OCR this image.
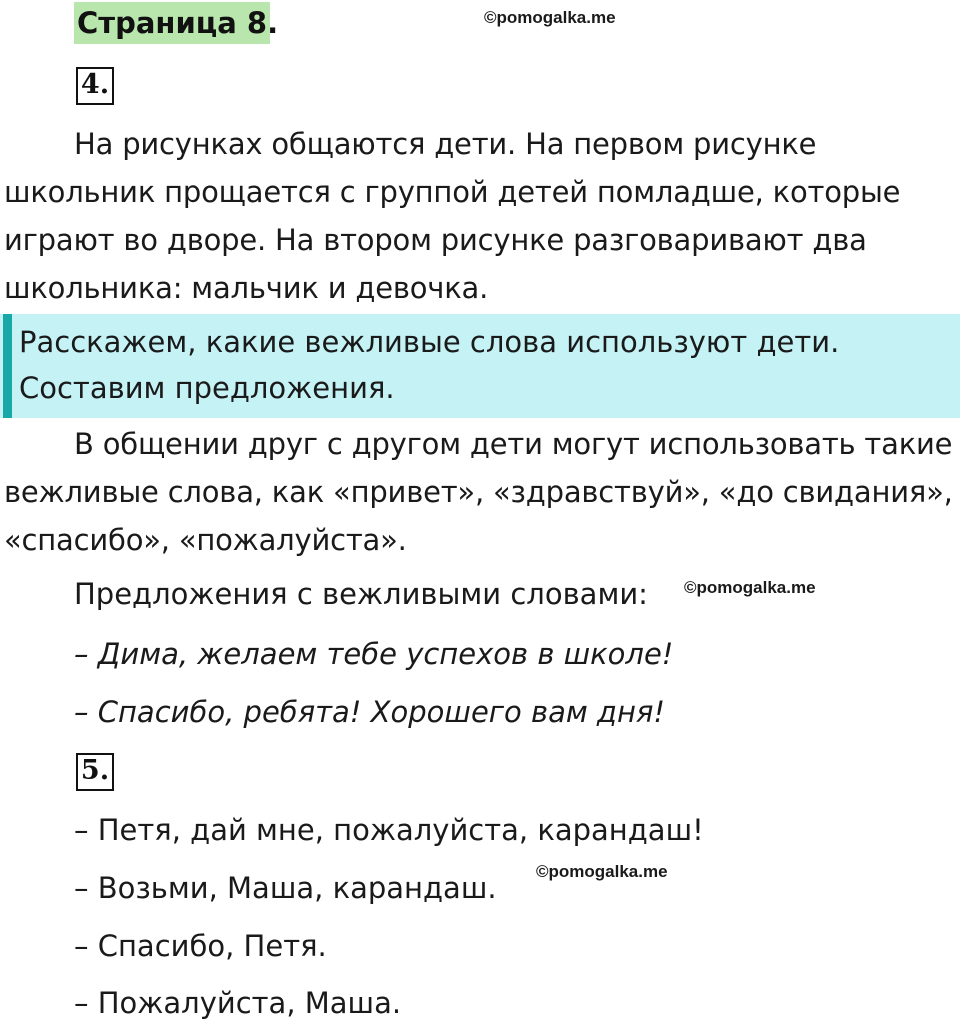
Страница 8.	©pomogalka.me
4.
На рисунках общаются дети. На первом рисунке школьник прощается с группой детей помладше, которые играют во дворе. На втором рисунке разговаривают два школьника: мальчик и девочка.
Расскажем, какие вежливые слова используют дети. Составим предложения.
В общении друг с другом дети могут использовать такие вежливые слова, как «привет», «здравствуй», «до свидания», «спасибо», «пожалуйста».
Предложения с вежливыми словами: ©pomogalka.me
– Дима, желаем тебе успехов в школе!
– Спасибо, ребята! Хорошего вам дня!
5.
– Петя, дай мне, пожалуйста, карандаш!
©pomogalka.me
– Возьми, Маша, карандаш.
– Спасибо, Петя.
– Пожалуйста, Маша.
